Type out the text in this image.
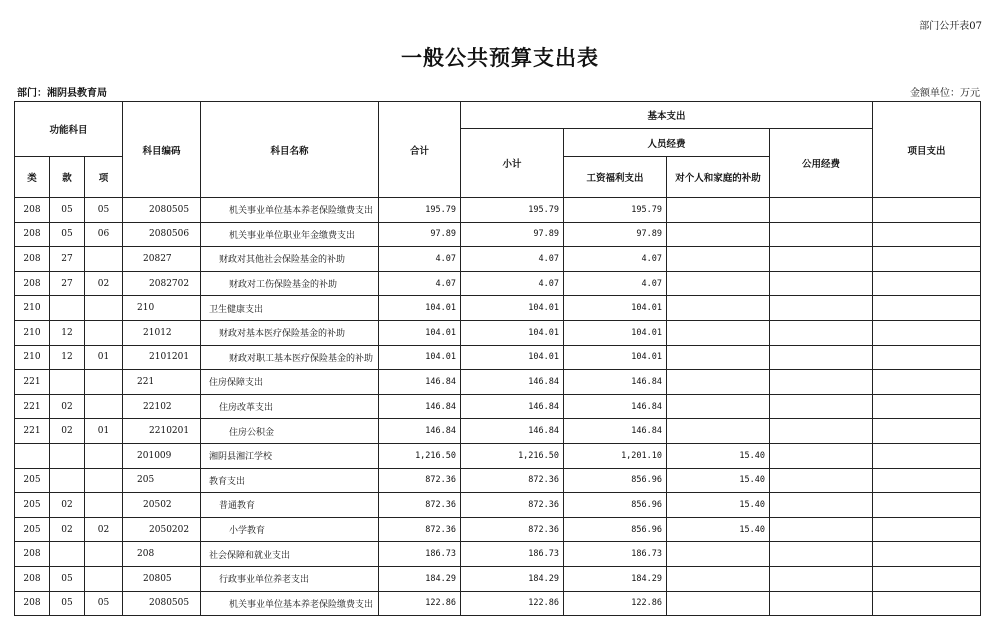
部门公开表07
一般公共预算支出表
部门：湘阴县教育局	金额单位：万元
功能科目			科目编码	科目名称	合计	基本支出				项目支出
						小计	人员经费		公用经费	
类	款	项					工资福利支出	对个人和家庭的补助		
208	05	05	2080505	机关事业单位基本养老保险缴费支出	195.79	195.79	195.79			
208	05	06	2080506	机关事业单位职业年金缴费支出	97.89	97.89	97.89			
208	27		20827	财政对其他社会保险基金的补助	4.07	4.07	4.07			
208	27	02	2082702	财政对工伤保险基金的补助	4.07	4.07	4.07			
210			210	卫生健康支出	104.01	104.01	104.01			
210	12		21012	财政对基本医疗保险基金的补助	104.01	104.01	104.01			
210	12	01	2101201	财政对职工基本医疗保险基金的补助	104.01	104.01	104.01			
221			221	住房保障支出	146.84	146.84	146.84			
221	02		22102	住房改革支出	146.84	146.84	146.84			
221	02	01	2210201	住房公积金	146.84	146.84	146.84			
			201009	湘阴县湘江学校	1,216.50	1,216.50	1,201.10	15.40		
205			205	教育支出	872.36	872.36	856.96	15.40		
205	02		20502	普通教育	872.36	872.36	856.96	15.40		
205	02	02	2050202	小学教育	872.36	872.36	856.96	15.40		
208			208	社会保障和就业支出	186.73	186.73	186.73			
208	05		20805	行政事业单位养老支出	184.29	184.29	184.29			
208	05	05	2080505	机关事业单位基本养老保险缴费支出	122.86	122.86	122.86			
